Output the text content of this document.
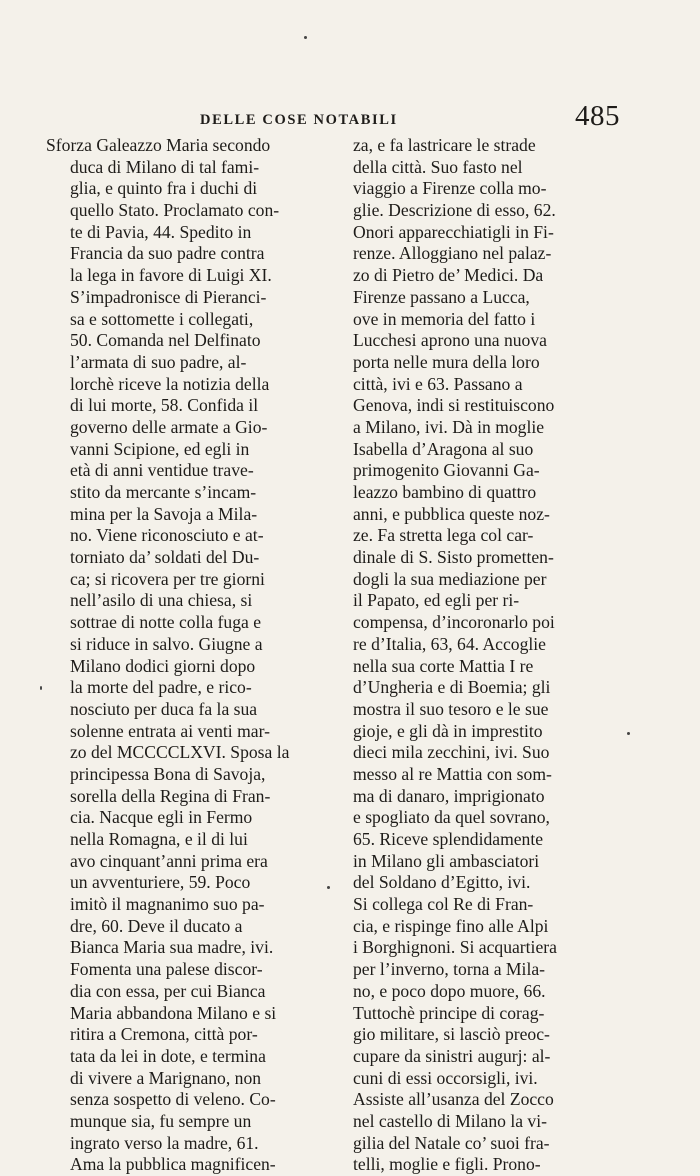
DELLE COSE NOTABILI	485
Sforza Galeazzo Maria secondo
duca di Milano di tal fami-
glia, e quinto fra i duchi di
quello Stato. Proclamato con-
te di Pavia, 44. Spedito in
Francia da suo padre contra
la lega in favore di Luigi XI.
S’impadronisce di Pieranci-
sa e sottomette i collegati,
50. Comanda nel Delfinato
l’armata di suo padre, al-
lorchè riceve la notizia della
di lui morte, 58. Confida il
governo delle armate a Gio-
vanni Scipione, ed egli in
età di anni ventidue trave-
stito da mercante s’incam-
mina per la Savoja a Mila-
no. Viene riconosciuto e at-
torniato da’ soldati del Du-
ca; si ricovera per tre giorni
nell’asilo di una chiesa, si
sottrae di notte colla fuga e
si riduce in salvo. Giugne a
Milano dodici giorni dopo
la morte del padre, e rico-
nosciuto per duca fa la sua
solenne entrata ai venti mar-
zo del MCCCCLXVI. Sposa la
principessa Bona di Savoja,
sorella della Regina di Fran-
cia. Nacque egli in Fermo
nella Romagna, e il di lui
avo cinquant’anni prima era
un avventuriere, 59. Poco
imitò il magnanimo suo pa-
dre, 60. Deve il ducato a
Bianca Maria sua madre, ivi.
Fomenta una palese discor-
dia con essa, per cui Bianca
Maria abbandona Milano e si
ritira a Cremona, città por-
tata da lei in dote, e termina
di vivere a Marignano, non
senza sospetto di veleno. Co-
munque sia, fu sempre un
ingrato verso la madre, 61.
Ama la pubblica magnificen-
za, e fa lastricare le strade
della città. Suo fasto nel
viaggio a Firenze colla mo-
glie. Descrizione di esso, 62.
Onori apparecchiatigli in Fi-
renze. Alloggiano nel palaz-
zo di Pietro de’ Medici. Da
Firenze passano a Lucca,
ove in memoria del fatto i
Lucchesi aprono una nuova
porta nelle mura della loro
città, ivi e 63. Passano a
Genova, indi si restituiscono
a Milano, ivi. Dà in moglie
Isabella d’Aragona al suo
primogenito Giovanni Ga-
leazzo bambino di quattro
anni, e pubblica queste noz-
ze. Fa stretta lega col car-
dinale di S. Sisto prometten-
dogli la sua mediazione per
il Papato, ed egli per ri-
compensa, d’incoronarlo poi
re d’Italia, 63, 64. Accoglie
nella sua corte Mattia I re
d’Ungheria e di Boemia; gli
mostra il suo tesoro e le sue
gioje, e gli dà in imprestito
dieci mila zecchini, ivi. Suo
messo al re Mattia con som-
ma di danaro, imprigionato
e spogliato da quel sovrano,
65. Riceve splendidamente
in Milano gli ambasciatori
del Soldano d’Egitto, ivi.
Si collega col Re di Fran-
cia, e rispinge fino alle Alpi
i Borghignoni. Si acquartiera
per l’inverno, torna a Mila-
no, e poco dopo muore, 66.
Tuttochè principe di corag-
gio militare, si lasciò preoc-
cupare da sinistri augurj: al-
cuni di essi occorsigli, ivi.
Assiste all’usanza del Zocco
nel castello di Milano la vi-
gilia del Natale co’ suoi fra-
telli, moglie e figli. Prono-
